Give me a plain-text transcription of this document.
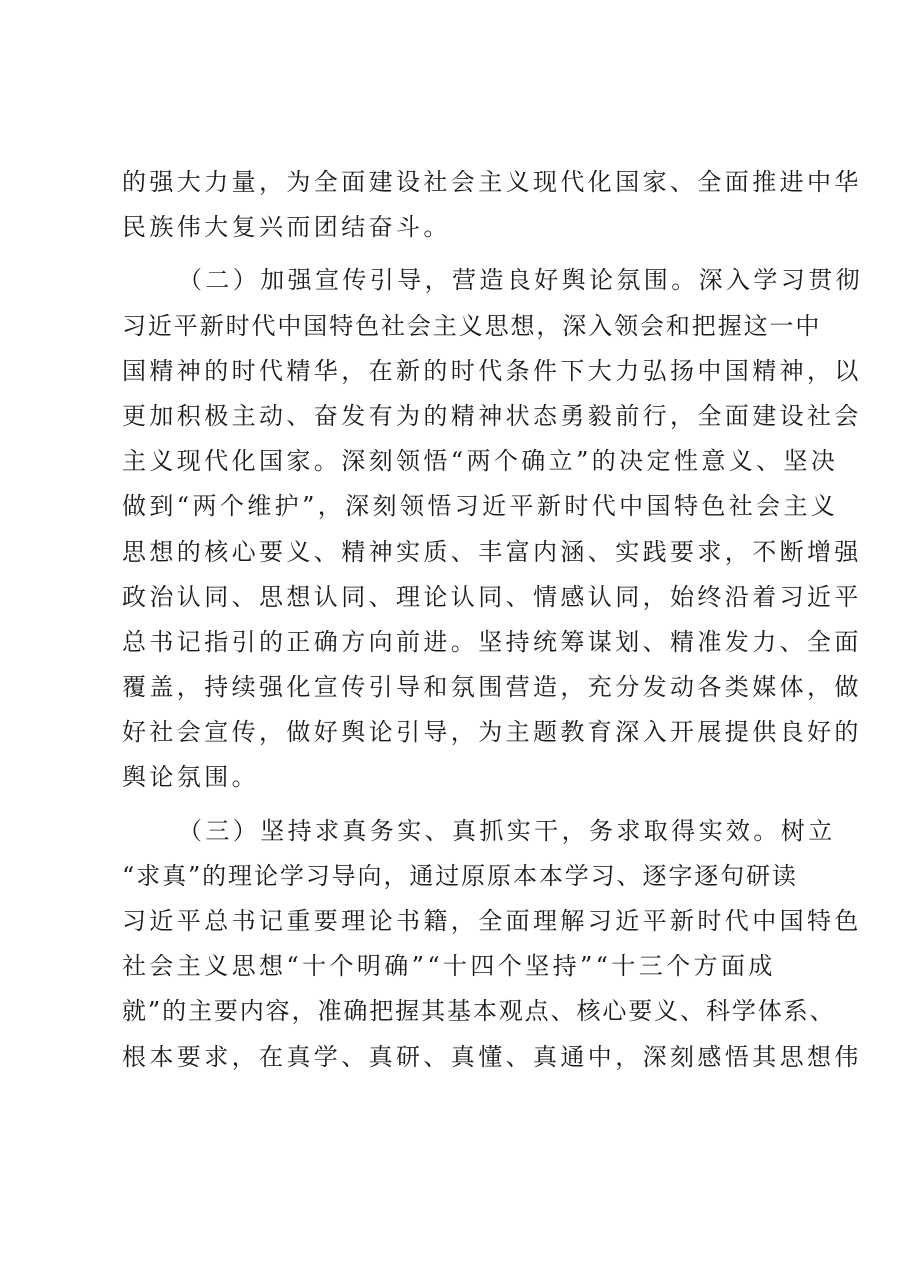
的强大力量，为全面建设社会主义现代化国家、全面推进中华
民族伟大复兴而团结奋斗。
（二）加强宣传引导，营造良好舆论氛围。深入学习贯彻
习近平新时代中国特色社会主义思想，深入领会和把握这一中
国精神的时代精华，在新的时代条件下大力弘扬中国精神，以
更加积极主动、奋发有为的精神状态勇毅前行，全面建设社会
主义现代化国家。深刻领悟“两个确立”的决定性意义、坚决
做到“两个维护”，深刻领悟习近平新时代中国特色社会主义
思想的核心要义、精神实质、丰富内涵、实践要求，不断增强
政治认同、思想认同、理论认同、情感认同，始终沿着习近平
总书记指引的正确方向前进。坚持统筹谋划、精准发力、全面
覆盖，持续强化宣传引导和氛围营造，充分发动各类媒体，做
好社会宣传，做好舆论引导，为主题教育深入开展提供良好的
舆论氛围。
（三）坚持求真务实、真抓实干，务求取得实效。树立
“求真”的理论学习导向，通过原原本本学习、逐字逐句研读
习近平总书记重要理论书籍，全面理解习近平新时代中国特色
社会主义思想“十个明确”“十四个坚持”“十三个方面成
就”的主要内容，准确把握其基本观点、核心要义、科学体系、
根本要求，在真学、真研、真懂、真通中，深刻感悟其思想伟
